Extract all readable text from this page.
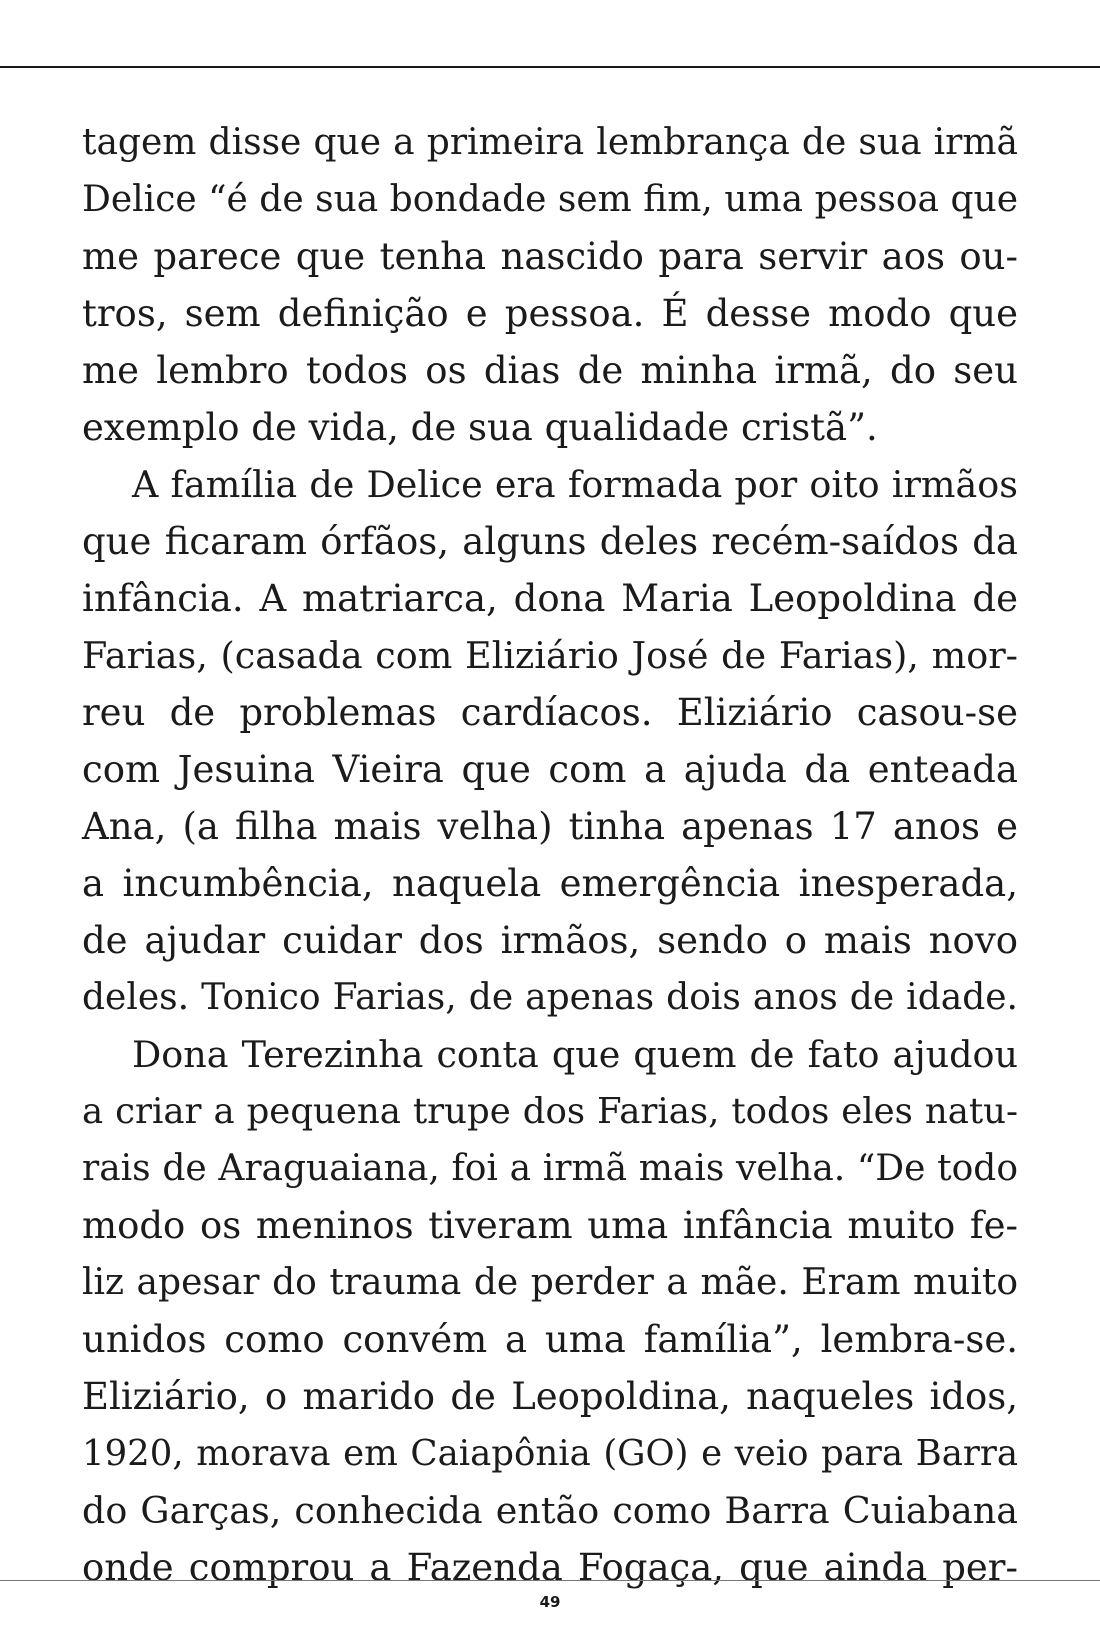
tagem disse que a primeira lembrança de sua irmã
Delice “é de sua bondade sem fim, uma pessoa que
me parece que tenha nascido para servir aos ou-
tros, sem definição e pessoa. É desse modo que
me lembro todos os dias de minha irmã, do seu
exemplo de vida, de sua qualidade cristã”.
A família de Delice era formada por oito irmãos
que ficaram órfãos, alguns deles recém-saídos da
infância. A matriarca, dona Maria Leopoldina de
Farias, (casada com Eliziário José de Farias), mor-
reu de problemas cardíacos. Eliziário casou-se
com Jesuina Vieira que com a ajuda da enteada
Ana, (a filha mais velha) tinha apenas 17 anos e
a incumbência, naquela emergência inesperada,
de ajudar cuidar dos irmãos, sendo o mais novo
deles. Tonico Farias, de apenas dois anos de idade.
Dona Terezinha conta que quem de fato ajudou
a criar a pequena trupe dos Farias, todos eles natu-
rais de Araguaiana, foi a irmã mais velha. “De todo
modo os meninos tiveram uma infância muito fe-
liz apesar do trauma de perder a mãe. Eram muito
unidos como convém a uma família”, lembra-se.
Eliziário, o marido de Leopoldina, naqueles idos,
1920, morava em Caiapônia (GO) e veio para Barra
do Garças, conhecida então como Barra Cuiabana
onde comprou a Fazenda Fogaça, que ainda per-
49
